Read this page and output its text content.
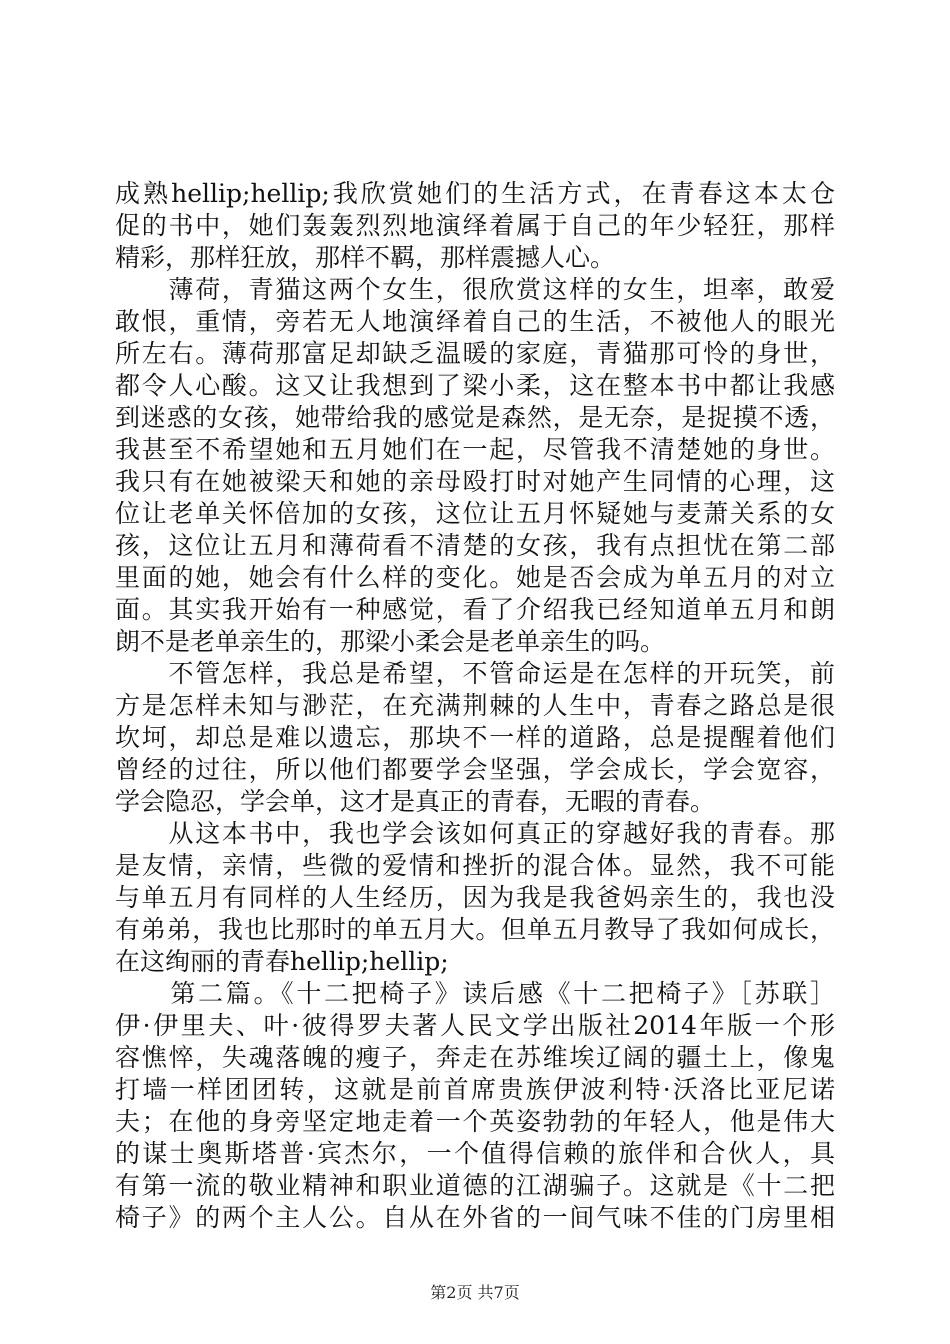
成熟hellip;hellip;我欣赏她们的生活方式，在青春这本太仓
促的书中，她们轰轰烈烈地演绎着属于自己的年少轻狂，那样
精彩，那样狂放，那样不羁，那样震撼人心。
　　薄荷，青猫这两个女生，很欣赏这样的女生，坦率，敢爱
敢恨，重情，旁若无人地演绎着自己的生活，不被他人的眼光
所左右。薄荷那富足却缺乏温暖的家庭，青猫那可怜的身世，
都令人心酸。这又让我想到了梁小柔，这在整本书中都让我感
到迷惑的女孩，她带给我的感觉是森然，是无奈，是捉摸不透，
我甚至不希望她和五月她们在一起，尽管我不清楚她的身世。
我只有在她被梁天和她的亲母殴打时对她产生同情的心理，这
位让老单关怀倍加的女孩，这位让五月怀疑她与麦萧关系的女
孩，这位让五月和薄荷看不清楚的女孩，我有点担忧在第二部
里面的她，她会有什么样的变化。她是否会成为单五月的对立
面。其实我开始有一种感觉，看了介绍我已经知道单五月和朗
朗不是老单亲生的，那梁小柔会是老单亲生的吗。
　　不管怎样，我总是希望，不管命运是在怎样的开玩笑，前
方是怎样未知与渺茫，在充满荆棘的人生中，青春之路总是很
坎坷，却总是难以遗忘，那块不一样的道路，总是提醒着他们
曾经的过往，所以他们都要学会坚强，学会成长，学会宽容，
学会隐忍，学会单，这才是真正的青春，无暇的青春。
　　从这本书中，我也学会该如何真正的穿越好我的青春。那
是友情，亲情，些微的爱情和挫折的混合体。显然，我不可能
与单五月有同样的人生经历，因为我是我爸妈亲生的，我也没
有弟弟，我也比那时的单五月大。但单五月教导了我如何成长，
在这绚丽的青春hellip;hellip;
　　第二篇。《十二把椅子》读后感《十二把椅子》［苏联］
伊·伊里夫、叶·彼得罗夫著人民文学出版社2014年版一个形
容憔悴，失魂落魄的瘦子，奔走在苏维埃辽阔的疆土上，像鬼
打墙一样团团转，这就是前首席贵族伊波利特·沃洛比亚尼诺
夫；在他的身旁坚定地走着一个英姿勃勃的年轻人，他是伟大
的谋士奥斯塔普·宾杰尔，一个值得信赖的旅伴和合伙人，具
有第一流的敬业精神和职业道德的江湖骗子。这就是《十二把
椅子》的两个主人公。自从在外省的一间气味不佳的门房里相
第2页 共7页
